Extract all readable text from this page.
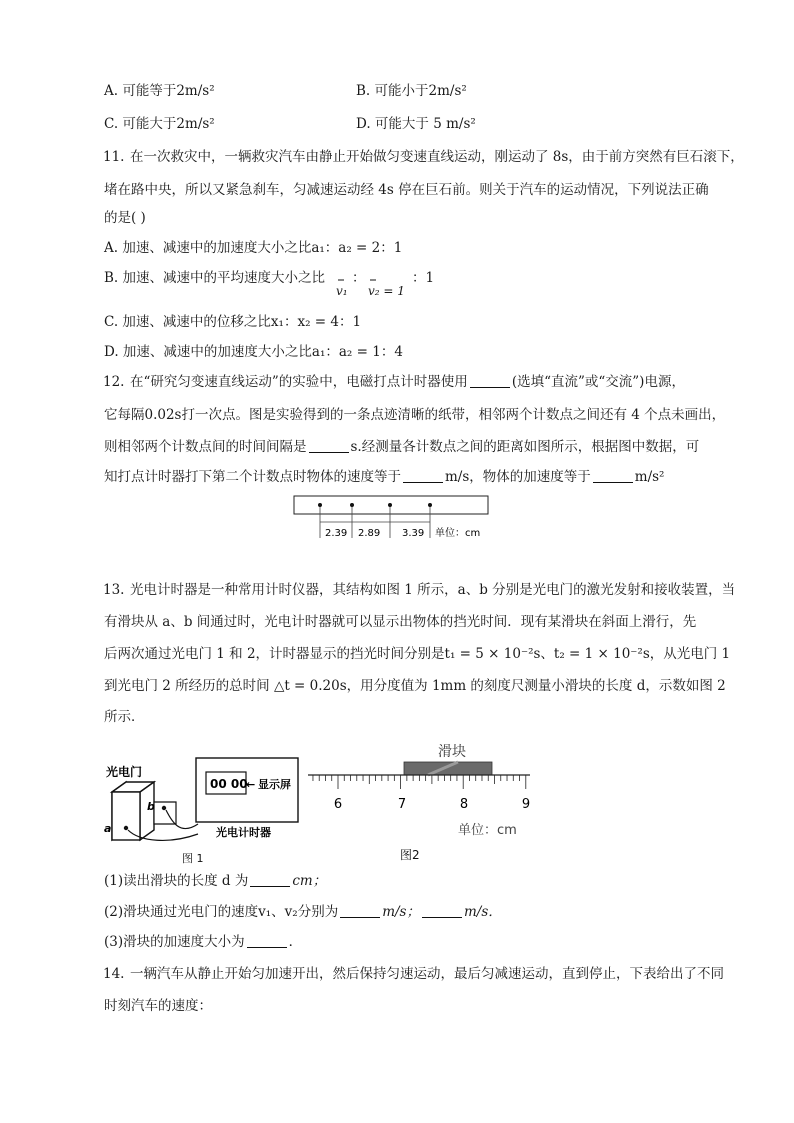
A. 可能等于2m/s²	B. 可能小于2m/s²
C. 可能大于2m/s²	D. 可能大于 5 m/s²
11. 在一次救灾中，一辆救灾汽车由静止开始做匀变速直线运动，刚运动了 8s，由于前方突然有巨石滚下，
堵在路中央，所以又紧急刹车，匀减速运动经 4s 停在巨石前。则关于汽车的运动情况，下列说法正确
的是( )
A. 加速、减速中的加速度大小之比a₁：a₂ = 2：1
B. 加速、减速中的平均速度大小之比
v₁
：
v₂ = 1
：1
C. 加速、减速中的位移之比x₁：x₂ = 4：1
D. 加速、减速中的加速度大小之比a₁：a₂ = 1：4
12. 在“研究匀变速直线运动”的实验中，电磁打点计时器使用	(选填“直流”或“交流”)电源，
它每隔0.02s打一次点。图是实验得到的一条点迹清晰的纸带，相邻两个计数点之间还有 4 个点未画出，
则相邻两个计数点间的时间间隔是	s.经测量各计数点之间的距离如图所示，根据图中数据，可
知打点计时器打下第二个计数点时物体的速度等于	m/s，物体的加速度等于	m/s²
2.39 2.89 3.39 单位：cm
13. 光电计时器是一种常用计时仪器，其结构如图 1 所示，a、b 分别是光电门的激光发射和接收装置，当
有滑块从 a、b 间通过时，光电计时器就可以显示出物体的挡光时间．现有某滑块在斜面上滑行，先
后两次通过光电门 1 和 2，计时器显示的挡光时间分别是t₁ = 5 × 10⁻²s、t₂ = 1 × 10⁻²s，从光电门 1
到光电门 2 所经历的总时间 △t = 0.20s，用分度值为 1mm 的刻度尺测量小滑块的长度 d，示数如图 2
所示．
光电门
a
b
00 00
← 显示屏
光电计时器
图 1
滑块
6	7	8	9
单位：cm
图2
(1)读出滑块的长度 d 为	cm；
(2)滑块通过光电门的速度v₁、v₂分别为	m/s；	m/s．
(3)滑块的加速度大小为	．
14. 一辆汽车从静止开始匀加速开出，然后保持匀速运动，最后匀减速运动，直到停止，下表给出了不同
时刻汽车的速度：
